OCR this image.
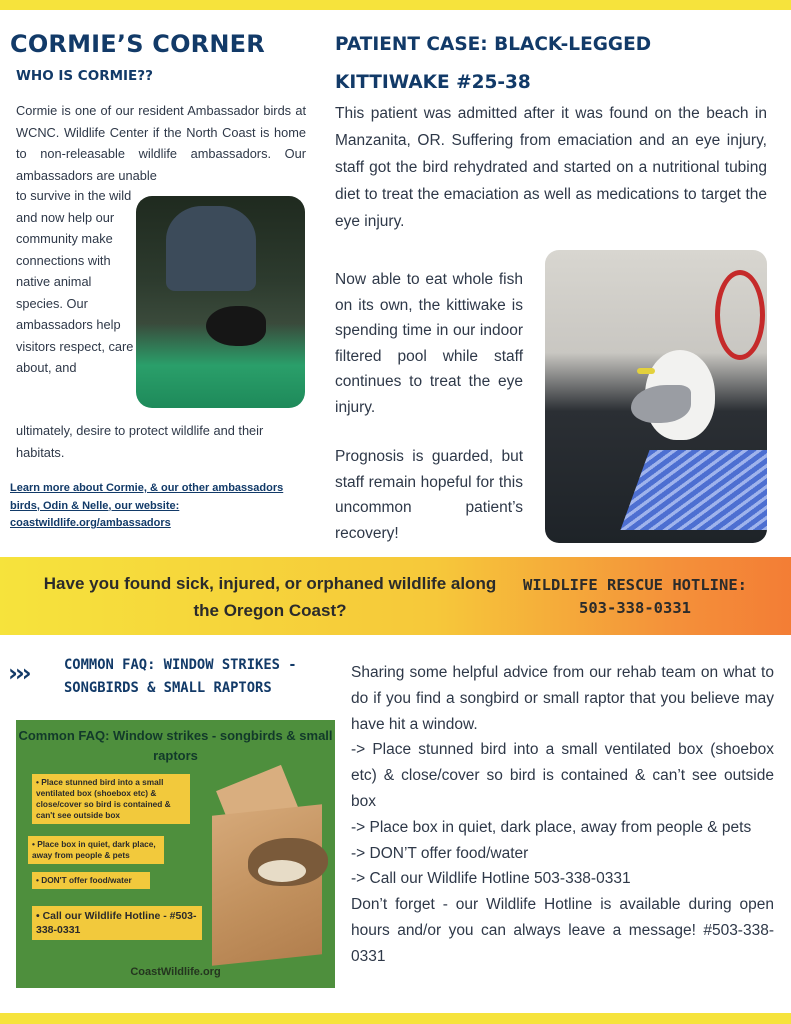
CORMIE’S CORNER
WHO IS CORMIE??
Cormie is one of our resident Ambassador birds at WCNC. Wildlife Center if the North Coast is home to non-releasable wildlife ambassadors. Our ambassadors are unable
to survive in the wild and now help our community make connections with native animal species. Our ambassadors help visitors respect, care about, and
ultimately, desire to protect wildlife and their habitats.
Learn more about Cormie, & our other ambassadors birds, Odin & Nelle, our website: coastwildlife.org/ambassadors
PATIENT CASE: BLACK-LEGGED KITTIWAKE #25-38
This patient was admitted after it was found on the beach in Manzanita, OR. Suffering from emaciation and an eye injury, staff got the bird rehydrated and started on a nutritional tubing diet to treat the emaciation as well as medications to target the eye injury.
Now able to eat whole fish on its own, the kittiwake is spending time in our indoor filtered pool while staff continues to treat the eye injury.
Prognosis is guarded, but staff remain hopeful for this uncommon patient’s recovery!
Have you found sick, injured, or orphaned wildlife along the Oregon Coast?
WILDLIFE RESCUE HOTLINE:
503-338-0331
›››	COMMON FAQ: WINDOW STRIKES - SONGBIRDS & SMALL RAPTORS
Common FAQ: Window strikes - songbirds & small raptors
• Place stunned bird into a small ventilated box (shoebox etc) & close/cover so bird is contained & can't see outside box
• Place box in quiet, dark place, away from people & pets
• DON'T offer food/water
• Call our Wildlife Hotline - #503-338-0331
CoastWildlife.org

Sharing some helpful advice from our rehab team on what to do if you find a songbird or small raptor that you believe may have hit a window.

-> Place stunned bird into a small ventilated box (shoebox etc) & close/cover so bird is contained & can’t see outside box

-> Place box in quiet, dark place, away from people & pets

-> DON’T offer food/water

-> Call our Wildlife Hotline 503-338-0331

Don’t forget - our Wildlife Hotline is available during open hours and/or you can always leave a message! #503-338-0331
